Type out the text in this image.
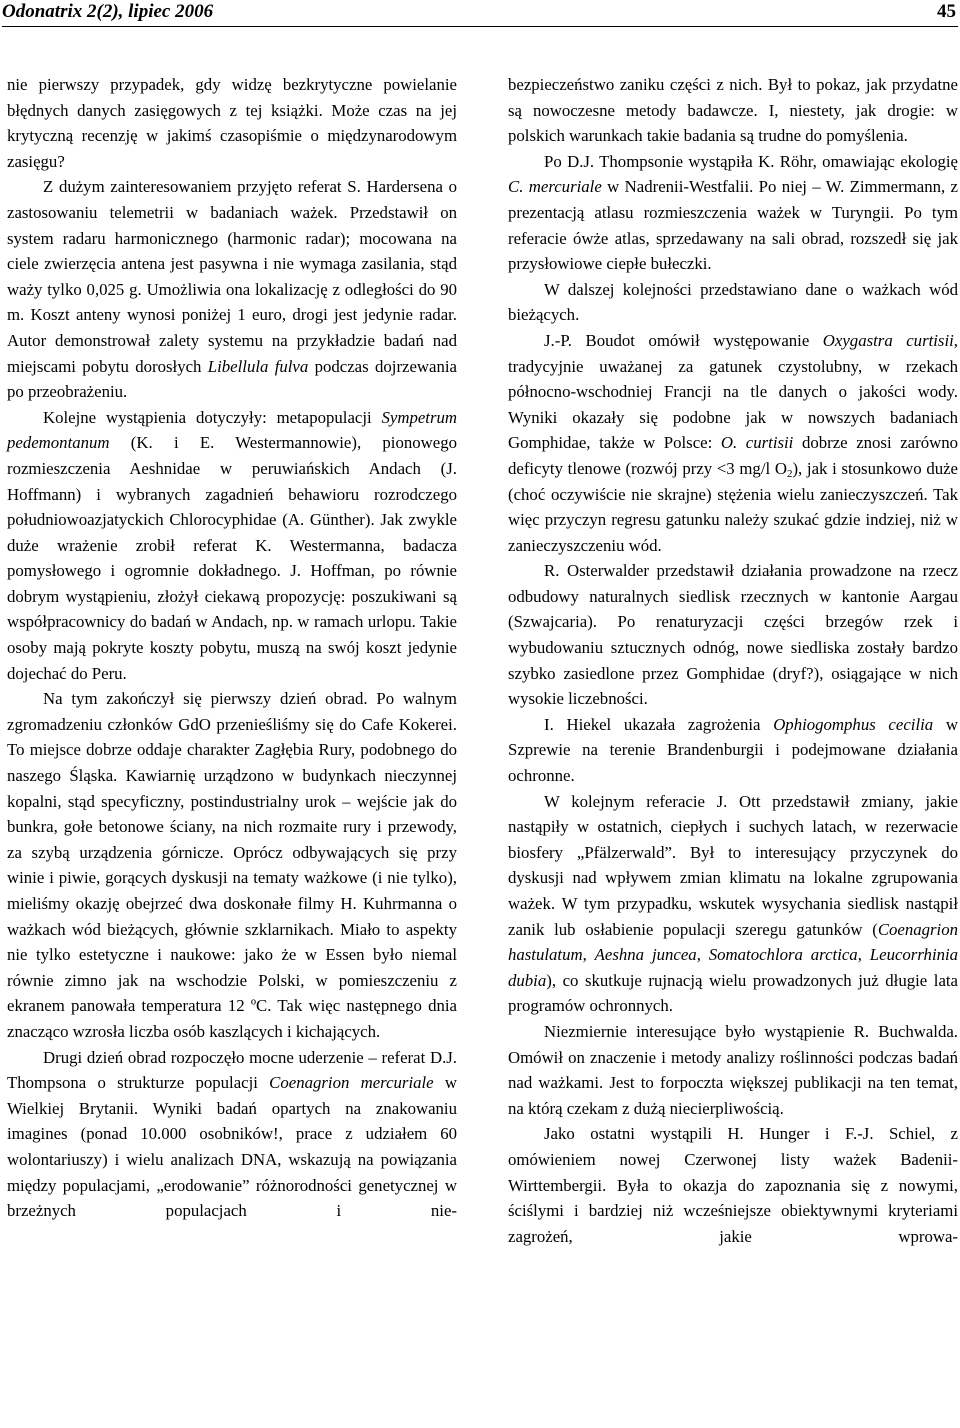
Odonatrix 2(2), lipiec 2006	45

nie pierwszy przypadek, gdy widzę bezkrytyczne powielanie błędnych danych zasięgowych z tej książki. Może czas na jej krytyczną recenzję w jakimś czasopiśmie o międzynarodowym zasięgu?

Z dużym zainteresowaniem przyjęto referat S. Hardersena o zastosowaniu telemetrii w badaniach ważek. Przedstawił on system radaru harmonicznego (harmonic radar); mocowana na ciele zwierzęcia antena jest pasywna i nie wymaga zasilania, stąd waży tylko 0,025 g. Umożliwia ona lokalizację z odległości do 90 m. Koszt anteny wynosi poniżej 1 euro, drogi jest jedynie radar. Autor demonstrował zalety systemu na przykładzie badań nad miejscami pobytu dorosłych Libellula fulva podczas dojrzewania po przeobrażeniu.

Kolejne wystąpienia dotyczyły: metapopulacji Sympetrum pedemontanum (K. i E. Westermannowie), pionowego rozmieszczenia Aeshnidae w peruwiańskich Andach (J. Hoffmann) i wybranych zagadnień behawioru rozrodczego południowoazjatyckich Chlorocyphidae (A. Günther). Jak zwykle duże wrażenie zrobił referat K. Westermanna, badacza pomysłowego i ogromnie dokładnego. J. Hoffman, po równie dobrym wystąpieniu, złożył ciekawą propozycję: poszukiwani są współpracownicy do badań w Andach, np. w ramach urlopu. Takie osoby mają pokryte koszty pobytu, muszą na swój koszt jedynie dojechać do Peru.

Na tym zakończył się pierwszy dzień obrad. Po walnym zgromadzeniu członków GdO przenieśliśmy się do Cafe Kokerei. To miejsce dobrze oddaje charakter Zagłębia Rury, podobnego do naszego Śląska. Kawiarnię urządzono w budynkach nieczynnej kopalni, stąd specyficzny, postindustrialny urok – wejście jak do bunkra, gołe betonowe ściany, na nich rozmaite rury i przewody, za szybą urządzenia górnicze. Oprócz odbywających się przy winie i piwie, gorących dyskusji na tematy ważkowe (i nie tylko), mieliśmy okazję obejrzeć dwa doskonałe filmy H. Kuhrmanna o ważkach wód bieżących, głównie szklarnikach. Miało to aspekty nie tylko estetyczne i naukowe: jako że w Essen było niemal równie zimno jak na wschodzie Polski, w pomieszczeniu z ekranem panowała temperatura 12 ºC. Tak więc następnego dnia znacząco wzrosła liczba osób kaszlących i kichających.

Drugi dzień obrad rozpoczęło mocne uderzenie – referat D.J. Thompsona o strukturze populacji Coenagrion mercuriale w Wielkiej Brytanii. Wyniki badań opartych na znakowaniu imagines (ponad 10.000 osobników!, prace z udziałem 60 wolontariuszy) i wielu analizach DNA, wskazują na powiązania między populacjami, „erodowanie” różnorodności genetycznej w brzeżnych populacjach i nie-

bezpieczeństwo zaniku części z nich. Był to pokaz, jak przydatne są nowoczesne metody badawcze. I, niestety, jak drogie: w polskich warunkach takie badania są trudne do pomyślenia.

Po D.J. Thompsonie wystąpiła K. Röhr, omawiając ekologię C. mercuriale w Nadrenii-Westfalii. Po niej – W. Zimmermann, z prezentacją atlasu rozmieszczenia ważek w Turyngii. Po tym referacie ówże atlas, sprzedawany na sali obrad, rozszedł się jak przysłowiowe ciepłe bułeczki.

W dalszej kolejności przedstawiano dane o ważkach wód bieżących.

J.-P. Boudot omówił występowanie Oxygastra curtisii, tradycyjnie uważanej za gatunek czystolubny, w rzekach północno-wschodniej Francji na tle danych o jakości wody. Wyniki okazały się podobne jak w nowszych badaniach Gomphidae, także w Polsce: O. curtisii dobrze znosi zarówno deficyty tlenowe (rozwój przy <3 mg/l $O_2$), jak i stosunkowo duże (choć oczywiście nie skrajne) stężenia wielu zanieczyszczeń. Tak więc przyczyn regresu gatunku należy szukać gdzie indziej, niż w zanieczyszczeniu wód.

R. Osterwalder przedstawił działania prowadzone na rzecz odbudowy naturalnych siedlisk rzecznych w kantonie Aargau (Szwajcaria). Po renaturyzacji części brzegów rzek i wybudowaniu sztucznych odnóg, nowe siedliska zostały bardzo szybko zasiedlone przez Gomphidae (dryf?), osiągające w nich wysokie liczebności.

I. Hiekel ukazała zagrożenia Ophiogomphus cecilia w Szprewie na terenie Brandenburgii i podejmowane działania ochronne.

W kolejnym referacie J. Ott przedstawił zmiany, jakie nastąpiły w ostatnich, ciepłych i suchych latach, w rezerwacie biosfery „Pfälzerwald”. Był to interesujący przyczynek do dyskusji nad wpływem zmian klimatu na lokalne zgrupowania ważek. W tym przypadku, wskutek wysychania siedlisk nastąpił zanik lub osłabienie populacji szeregu gatunków (Coenagrion hastulatum, Aeshna juncea, Somatochlora arctica, Leucorrhinia dubia), co skutkuje rujnacją wielu prowadzonych już długie lata programów ochronnych.

Niezmiernie interesujące było wystąpienie R. Buchwalda. Omówił on znaczenie i metody analizy roślinności podczas badań nad ważkami. Jest to forpoczta większej publikacji na ten temat, na którą czekam z dużą niecierpliwością.

Jako ostatni wystąpili H. Hunger i F.-J. Schiel, z omówieniem nowej Czerwonej listy ważek Badenii-Wirttembergii. Była to okazja do zapoznania się z nowymi, ściślymi i bardziej niż wcześniejsze obiektywnymi kryteriami zagrożeń, jakie wprowa-
